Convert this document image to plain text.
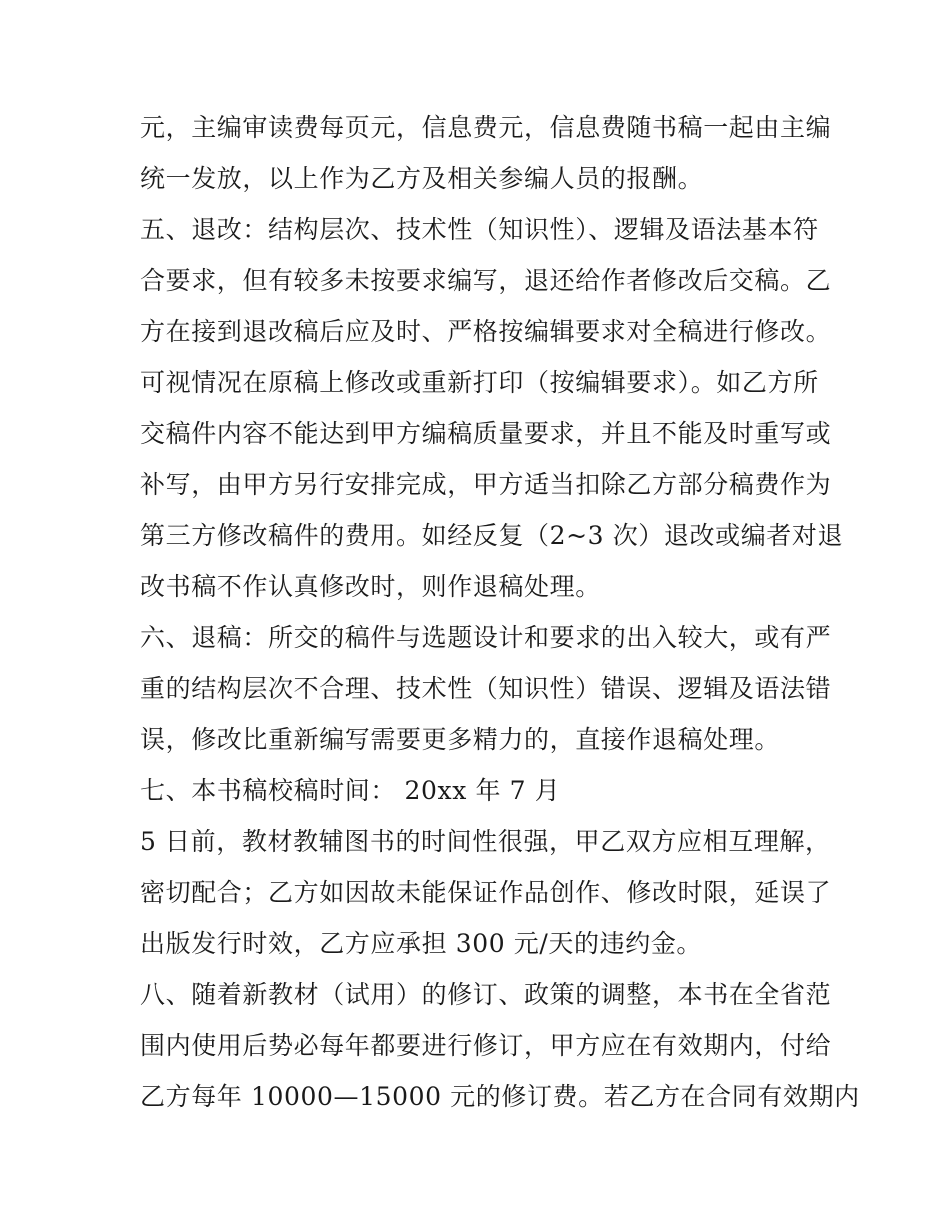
元，主编审读费每页元，信息费元，信息费随书稿一起由主编
统一发放，以上作为乙方及相关参编人员的报酬。
五、退改：结构层次、技术性（知识性）、逻辑及语法基本符
合要求，但有较多未按要求编写，退还给作者修改后交稿。乙
方在接到退改稿后应及时、严格按编辑要求对全稿进行修改。
可视情况在原稿上修改或重新打印（按编辑要求）。如乙方所
交稿件内容不能达到甲方编稿质量要求，并且不能及时重写或
补写，由甲方另行安排完成，甲方适当扣除乙方部分稿费作为
第三方修改稿件的费用。如经反复（2~3 次）退改或编者对退
改书稿不作认真修改时，则作退稿处理。
六、退稿：所交的稿件与选题设计和要求的出入较大，或有严
重的结构层次不合理、技术性（知识性）错误、逻辑及语法错
误，修改比重新编写需要更多精力的，直接作退稿处理。
七、本书稿校稿时间： 20xx 年 7 月
5 日前，教材教辅图书的时间性很强，甲乙双方应相互理解，
密切配合；乙方如因故未能保证作品创作、修改时限，延误了
出版发行时效，乙方应承担 300 元/天的违约金。
八、随着新教材（试用）的修订、政策的调整，本书在全省范
围内使用后势必每年都要进行修订，甲方应在有效期内，付给
乙方每年 10000—15000 元的修订费。若乙方在合同有效期内
